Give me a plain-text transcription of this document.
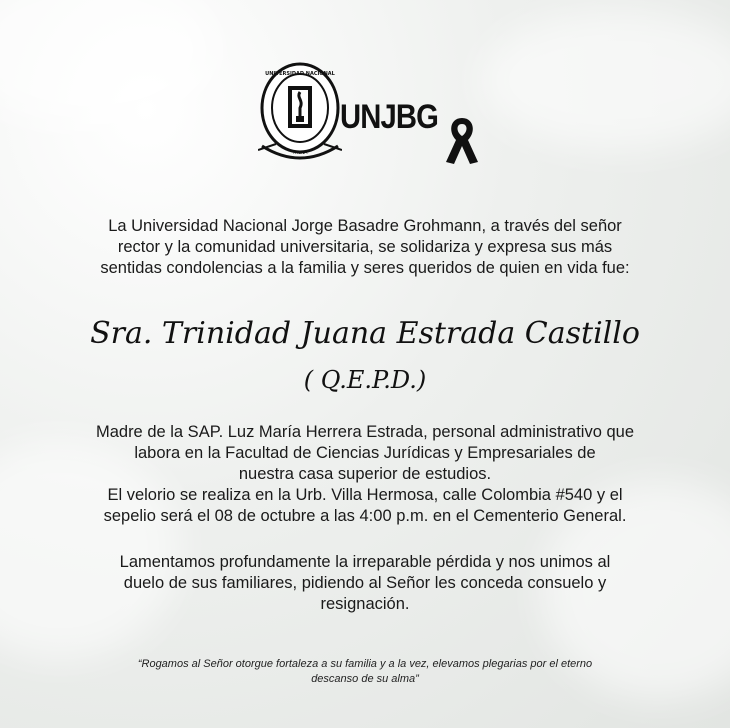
UNIVERSIDAD NACIONAL
TACNA
UNJBG
La Universidad Nacional Jorge Basadre Grohmann, a través del señor
rector y la comunidad universitaria, se solidariza y expresa sus más
sentidas condolencias a la familia y seres queridos de quien en vida fue:
Sra. Trinidad Juana Estrada Castillo
( Q.E.P.D.)
Madre de la SAP. Luz María Herrera Estrada, personal administrativo que
labora en la Facultad de Ciencias Jurídicas y Empresariales de
nuestra casa superior de estudios.
El velorio se realiza en la Urb. Villa Hermosa, calle Colombia #540 y el
sepelio será el 08 de octubre a las 4:00 p.m. en el Cementerio General.
Lamentamos profundamente la irreparable pérdida y nos unimos al
duelo de sus familiares, pidiendo al Señor les conceda consuelo y
resignación.
“Rogamos al Señor otorgue fortaleza a su familia y a la vez, elevamos plegarias por el eterno
descanso de su alma”
